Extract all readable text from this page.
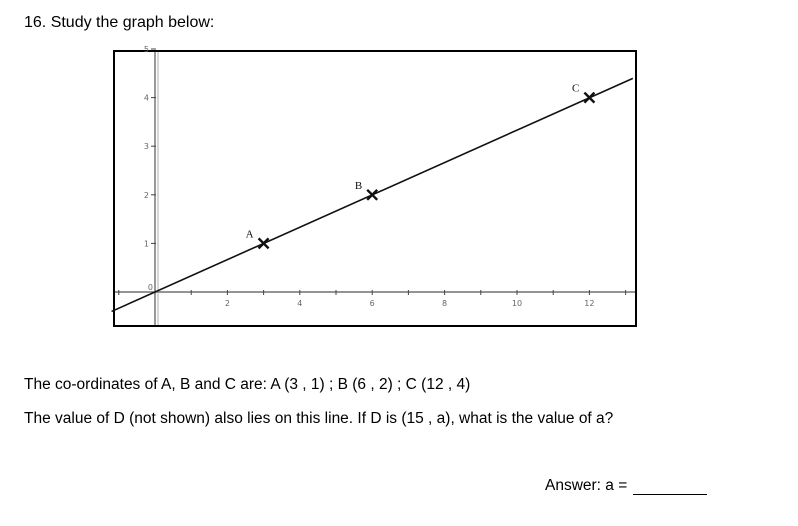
16. Study the graph below:
2	4	6	8	10	12
1
2
3
4
5
0
A
B
C
The co-ordinates of A, B and C are: A (3 , 1) ; B (6 , 2) ; C (12 , 4)
The value of D (not shown) also lies on this line. If D is (15 , a), what is the value of a?
Answer: a =
